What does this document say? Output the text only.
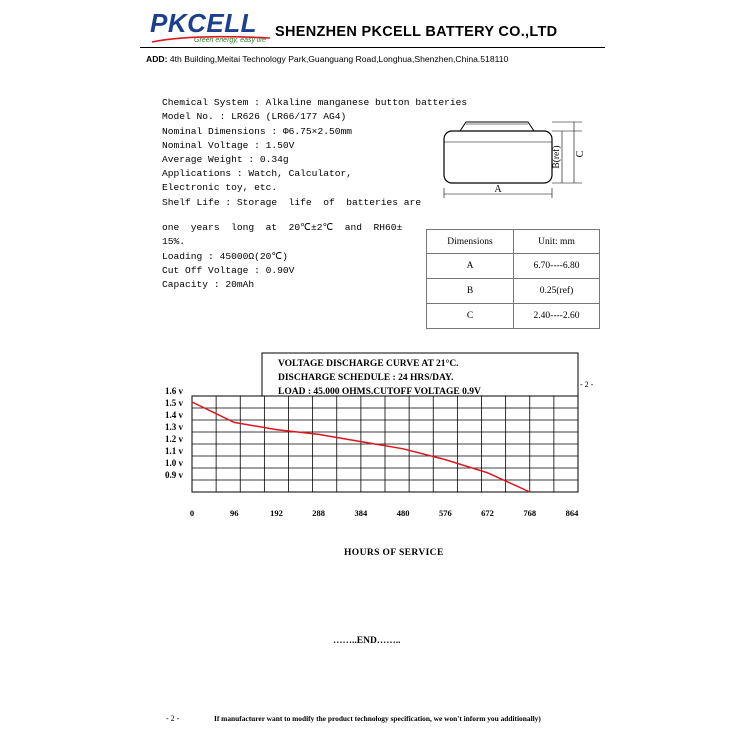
PKCELL
Green energy, easy life
SHENZHEN PKCELL BATTERY CO.,LTD
ADD: 4th Building,Meitai Technology Park,Guanguang Road,Longhua,Shenzhen,China.518110
Chemical System : Alkaline manganese button batteries
Model No. : LR626 (LR66/177 AG4)
Nominal Dimensions : Φ6.75×2.50mm
Nominal Voltage : 1.50V
Average Weight : 0.34g
Applications : Watch, Calculator,
Electronic toy, etc.
Shelf Life : Storage  life  of  batteries are
one  years  long  at  20℃±2℃  and  RH60±
15%.
Loading : 45000Ω(20℃)
Cut Off Voltage : 0.90V
Capacity : 20mAh
A
B(ref) C
Dimensions	Unit: mm
A	6.70----6.80
B	0.25(ref)
C	2.40----2.60
VOLTAGE DISCHARGE CURVE AT 21°C.
DISCHARGE SCHEDULE : 24 HRS/DAY.
LOAD : 45.000 OHMS.CUTOFF VOLTAGE 0.9V
1.6 v
1.5 v
1.4 v
1.3 v
1.2 v
1.1 v
1.0 v
0.9 v
0	96	192	288	384	480	576	672	768	864
- 2 -
HOURS OF SERVICE
……..END……..
- 2 -	If manufacturer want to modify the product technology specification, we won't inform you additionally)
